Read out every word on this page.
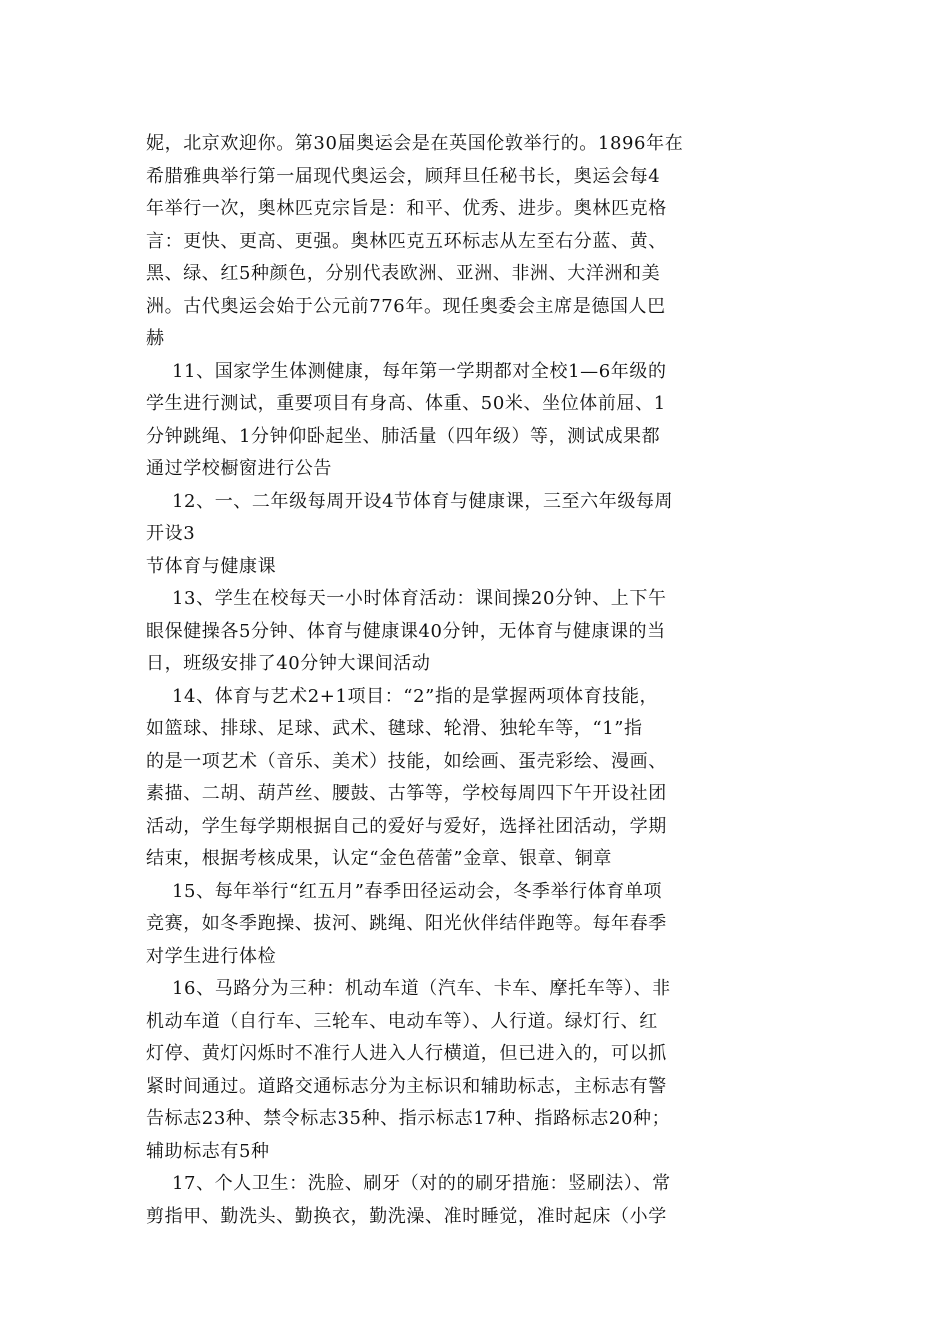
妮，北京欢迎你。第30届奥运会是在英国伦敦举行的。1896年在
希腊雅典举行第一届现代奥运会，顾拜旦任秘书长，奥运会每4
年举行一次，奥林匹克宗旨是：和平、优秀、进步。奥林匹克格
言：更快、更高、更强。奥林匹克五环标志从左至右分蓝、黄、
黑、绿、红5种颜色，分别代表欧洲、亚洲、非洲、大洋洲和美
洲。古代奥运会始于公元前776年。现任奥委会主席是德国人巴
赫
11、国家学生体测健康，每年第一学期都对全校1—6年级的
学生进行测试，重要项目有身高、体重、50米、坐位体前屈、1
分钟跳绳、1分钟仰卧起坐、肺活量（四年级）等，测试成果都
通过学校橱窗进行公告
12、一、二年级每周开设4节体育与健康课，三至六年级每周
开设3
节体育与健康课
13、学生在校每天一小时体育活动：课间操20分钟、上下午
眼保健操各5分钟、体育与健康课40分钟，无体育与健康课的当
日，班级安排了40分钟大课间活动
14、体育与艺术2+1项目：“2”指的是掌握两项体育技能，
如篮球、排球、足球、武术、毽球、轮滑、独轮车等，“1”指
的是一项艺术（音乐、美术）技能，如绘画、蛋壳彩绘、漫画、
素描、二胡、葫芦丝、腰鼓、古筝等，学校每周四下午开设社团
活动，学生每学期根据自己的爱好与爱好，选择社团活动，学期
结束，根据考核成果，认定“金色蓓蕾”金章、银章、铜章
15、每年举行“红五月”春季田径运动会，冬季举行体育单项
竞赛，如冬季跑操、拔河、跳绳、阳光伙伴结伴跑等。每年春季
对学生进行体检
16、马路分为三种：机动车道（汽车、卡车、摩托车等）、非
机动车道（自行车、三轮车、电动车等）、人行道。绿灯行、红
灯停、黄灯闪烁时不准行人进入人行横道，但已进入的，可以抓
紧时间通过。道路交通标志分为主标识和辅助标志，主标志有警
告标志23种、禁令标志35种、指示标志17种、指路标志20种；
辅助标志有5种
17、个人卫生：洗脸、刷牙（对的的刷牙措施：竖刷法）、常
剪指甲、勤洗头、勤换衣，勤洗澡、准时睡觉，准时起床（小学
